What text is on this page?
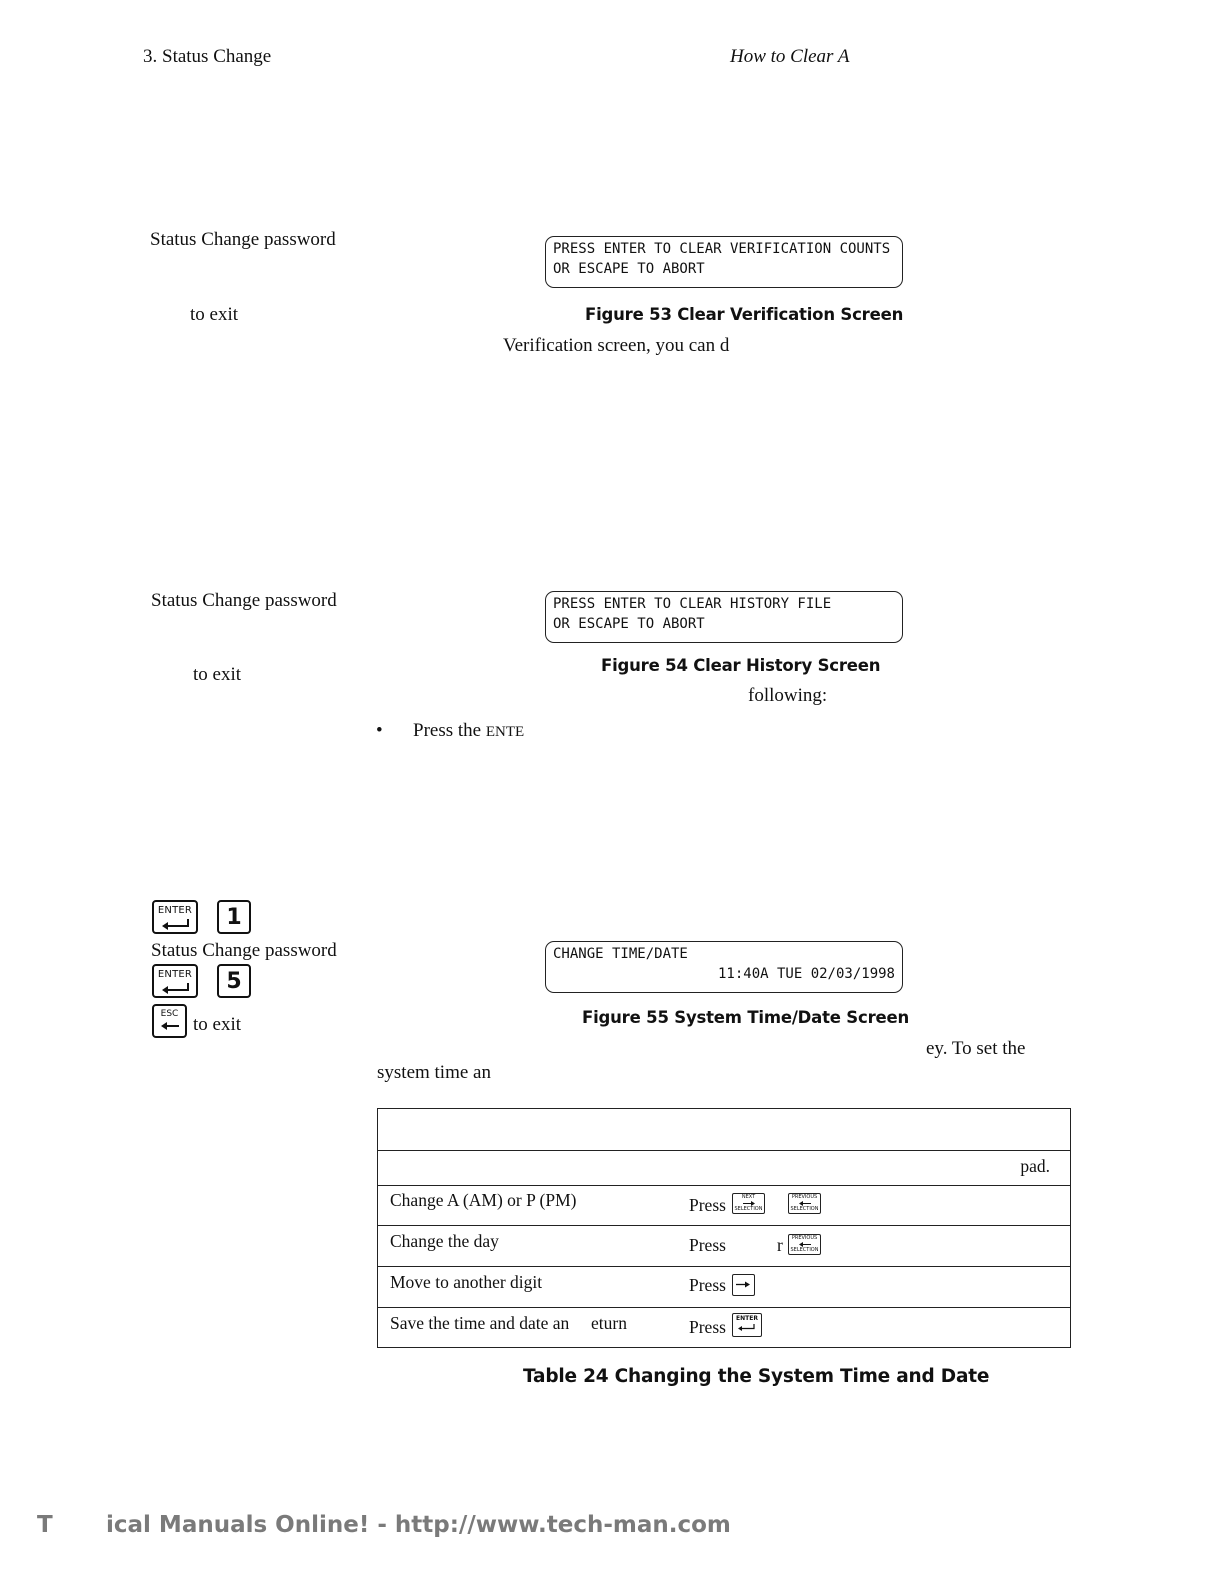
3. Status Change	How to Clear A
Status Change password
to exit
PRESS ENTER TO CLEAR VERIFICATION COUNTS
OR ESCAPE TO ABORT
Figure 53 Clear Verification Screen
Verification screen, you can d
Status Change password
to exit
PRESS ENTER TO CLEAR HISTORY FILE
OR ESCAPE TO ABORT
Figure 54 Clear History Screen
following:
• Press the ENTE
ENTER	1
Status Change password
ENTER	5
ESC to exit
CHANGE TIME/DATE
11:40A TUE 02/03/1998
Figure 55 System Time/Date Screen
ey. To set the
system time an

pad.	

Change A (AM) or P (PM)	Press NEXT
SELECTION
PREVIOUS
SELECTION

Change the day	Press r PREVIOUS
SELECTION

Move to another digit	Press

Save the time and date an eturn	Press ENTER
Table 24 Changing the System Time and Date
T ical Manuals Online! - http://www.tech-man.com
